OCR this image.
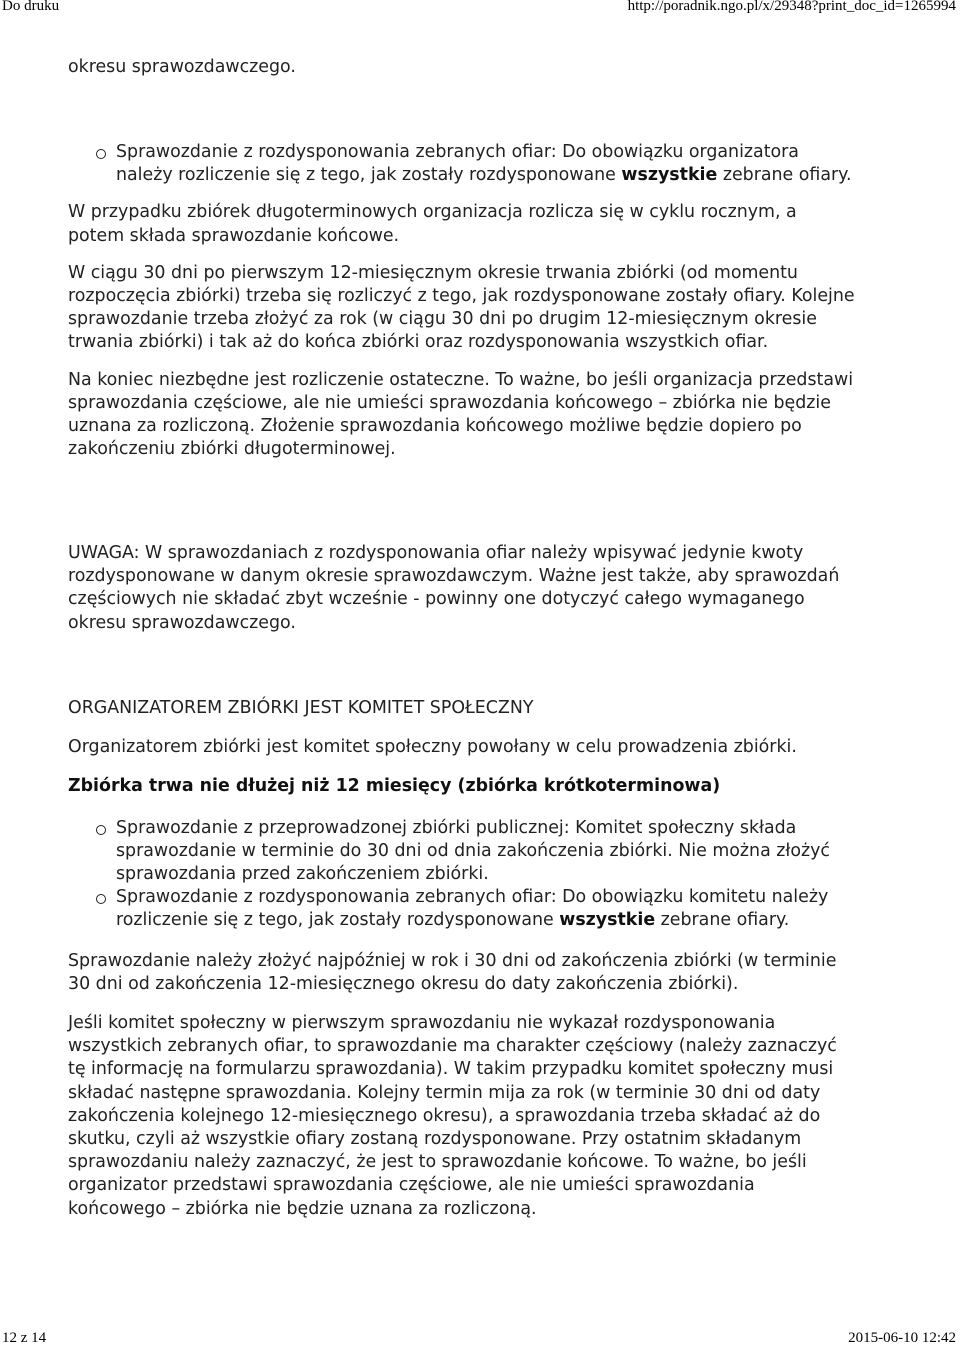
Do druku	http://poradnik.ngo.pl/x/29348?print_doc_id=1265994

okresu sprawozdawczego.

Sprawozdanie z rozdysponowania zebranych ofiar: Do obowiązku organizatora należy rozliczenie się z tego, jak zostały rozdysponowane wszystkie zebrane ofiary.

W przypadku zbiórek długoterminowych organizacja rozlicza się w cyklu rocznym, a potem składa sprawozdanie końcowe.

W ciągu 30 dni po pierwszym 12-miesięcznym okresie trwania zbiórki (od momentu rozpoczęcia zbiórki) trzeba się rozliczyć z tego, jak rozdysponowane zostały ofiary. Kolejne sprawozdanie trzeba złożyć za rok (w ciągu 30 dni po drugim 12-miesięcznym okresie trwania zbiórki) i tak aż do końca zbiórki oraz rozdysponowania wszystkich ofiar.

Na koniec niezbędne jest rozliczenie ostateczne. To ważne, bo jeśli organizacja przedstawi sprawozdania częściowe, ale nie umieści sprawozdania końcowego – zbiórka nie będzie uznana za rozliczoną. Złożenie sprawozdania końcowego możliwe będzie dopiero po zakończeniu zbiórki długoterminowej.

UWAGA: W sprawozdaniach z rozdysponowania ofiar należy wpisywać jedynie kwoty rozdysponowane w danym okresie sprawozdawczym. Ważne jest także, aby sprawozdań częściowych nie składać zbyt wcześnie - powinny one dotyczyć całego wymaganego okresu sprawozdawczego.

ORGANIZATOREM ZBIÓRKI JEST KOMITET SPOŁECZNY

Organizatorem zbiórki jest komitet społeczny powołany w celu prowadzenia zbiórki.

Zbiórka trwa nie dłużej niż 12 miesięcy (zbiórka krótkoterminowa)

Sprawozdanie z przeprowadzonej zbiórki publicznej: Komitet społeczny składa sprawozdanie w terminie do 30 dni od dnia zakończenia zbiórki. Nie można złożyć sprawozdania przed zakończeniem zbiórki.
Sprawozdanie z rozdysponowania zebranych ofiar: Do obowiązku komitetu należy rozliczenie się z tego, jak zostały rozdysponowane wszystkie zebrane ofiary.

Sprawozdanie należy złożyć najpóźniej w rok i 30 dni od zakończenia zbiórki (w terminie 30 dni od zakończenia 12-miesięcznego okresu do daty zakończenia zbiórki).

Jeśli komitet społeczny w pierwszym sprawozdaniu nie wykazał rozdysponowania wszystkich zebranych ofiar, to sprawozdanie ma charakter częściowy (należy zaznaczyć tę informację na formularzu sprawozdania). W takim przypadku komitet społeczny musi składać następne sprawozdania. Kolejny termin mija za rok (w terminie 30 dni od daty zakończenia kolejnego 12-miesięcznego okresu), a sprawozdania trzeba składać aż do skutku, czyli aż wszystkie ofiary zostaną rozdysponowane. Przy ostatnim składanym sprawozdaniu należy zaznaczyć, że jest to sprawozdanie końcowe. To ważne, bo jeśli organizator przedstawi sprawozdania częściowe, ale nie umieści sprawozdania końcowego – zbiórka nie będzie uznana za rozliczoną.

12 z 14	2015-06-10 12:42
